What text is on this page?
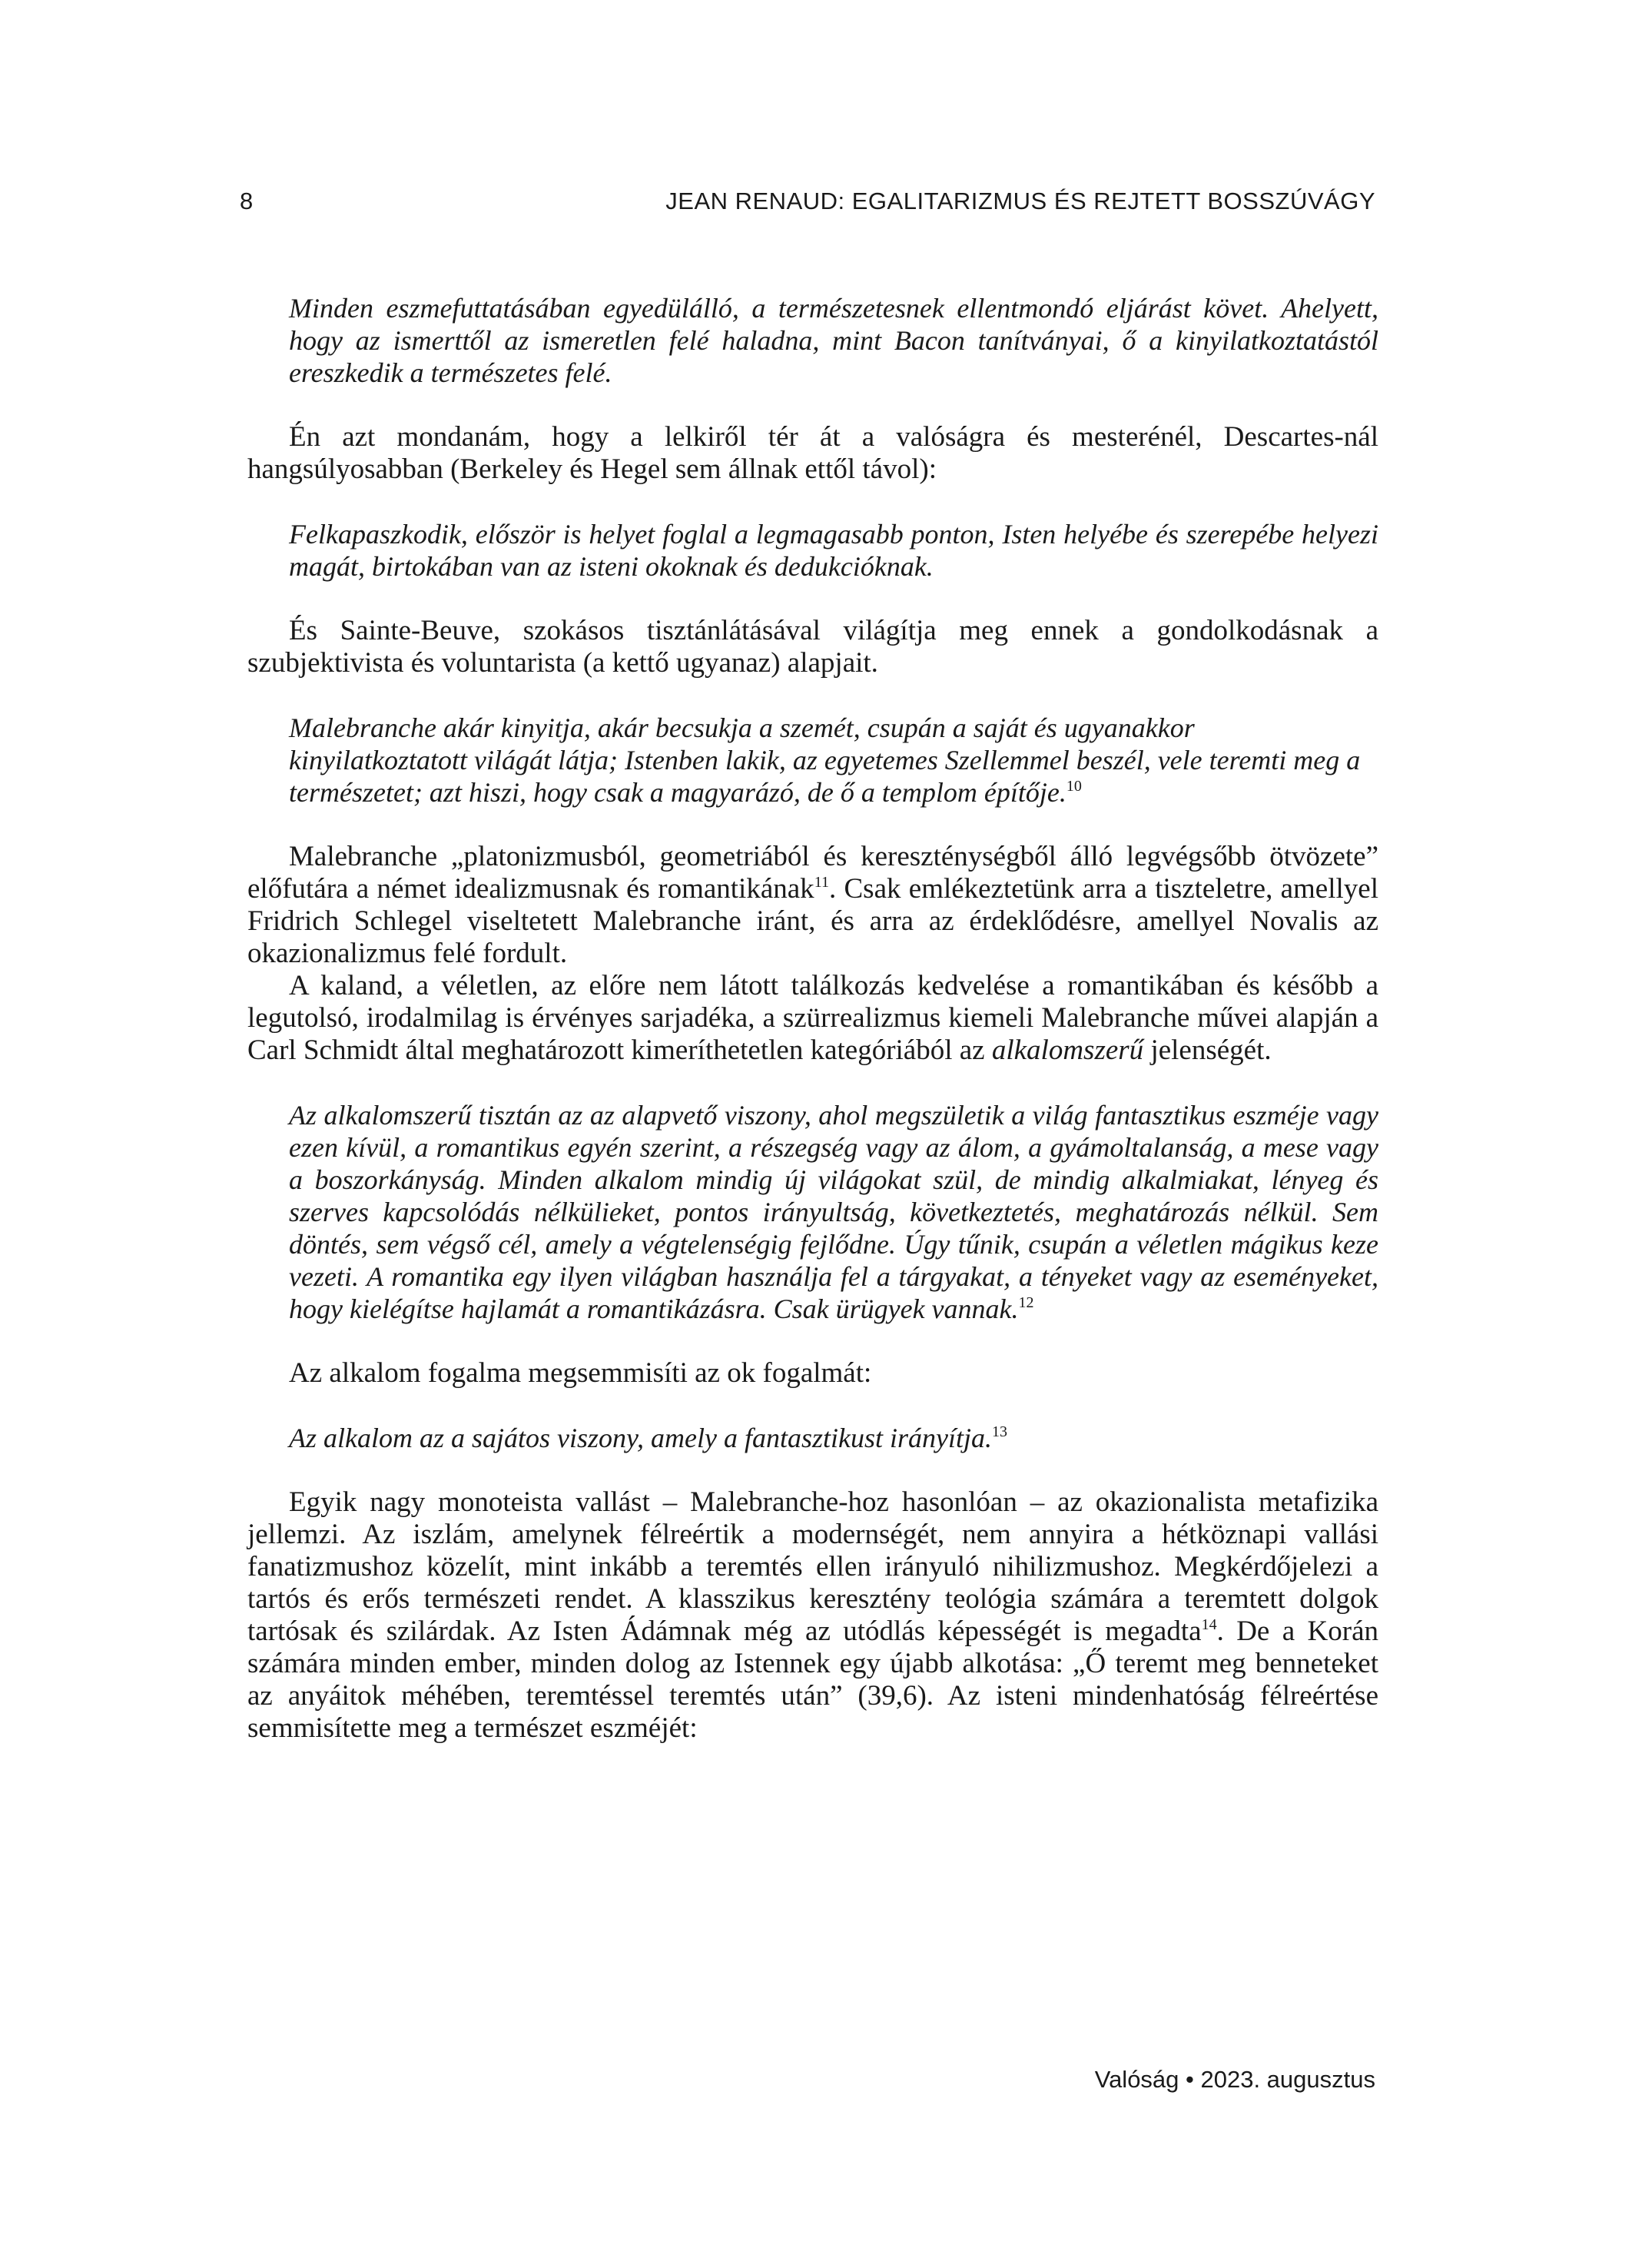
8	JEAN RENAUD: EGALITARIZMUS ÉS REJTETT BOSSZÚVÁGY

Minden eszmefuttatásában egyedülálló, a természetesnek ellentmondó eljárást követ. Ahelyett, hogy az ismerttől az ismeretlen felé haladna, mint Bacon tanítványai, ő a kinyilatkoztatástól ereszkedik a természetes felé.

Én azt mondanám, hogy a lelkiről tér át a valóságra és mesterénél, Descartes-nál hangsúlyosabban (Berkeley és Hegel sem állnak ettől távol):

Felkapaszkodik, először is helyet foglal a legmagasabb ponton, Isten helyébe és szerepébe helyezi magát, birtokában van az isteni okoknak és dedukcióknak.

És Sainte-Beuve, szokásos tisztánlátásával világítja meg ennek a gondolkodásnak a szubjektivista és voluntarista (a kettő ugyanaz) alapjait.

Malebranche akár kinyitja, akár becsukja a szemét, csupán a saját és ugyanakkor kinyilatkoztatott világát látja; Istenben lakik, az egyetemes Szellemmel beszél, vele teremti meg a természetet; azt hiszi, hogy csak a magyarázó, de ő a templom építője.$^{10}$

Malebranche „platonizmusból, geometriából és kereszténységből álló legvégsőbb ötvözete” előfutára a német idealizmusnak és romantikának$^{11}$. Csak emlékeztetünk arra a tiszteletre, amellyel Fridrich Schlegel viseltetett Malebranche iránt, és arra az érdeklődésre, amellyel Novalis az okazionalizmus felé fordult.

A kaland, a véletlen, az előre nem látott találkozás kedvelése a romantikában és később a legutolsó, irodalmilag is érvényes sarjadéka, a szürrealizmus kiemeli Malebranche művei alapján a Carl Schmidt által meghatározott kimeríthetetlen kategóriából az alkalomszerű jelenségét.

Az alkalomszerű tisztán az az alapvető viszony, ahol megszületik a világ fantasztikus eszméje vagy ezen kívül, a romantikus egyén szerint, a részegség vagy az álom, a gyámoltalanság, a mese vagy a boszorkányság. Minden alkalom mindig új világokat szül, de mindig alkalmiakat, lényeg és szerves kapcsolódás nélkülieket, pontos irányultság, következtetés, meghatározás nélkül. Sem döntés, sem végső cél, amely a végtelenségig fejlődne. Úgy tűnik, csupán a véletlen mágikus keze vezeti. A romantika egy ilyen világban használja fel a tárgyakat, a tényeket vagy az eseményeket, hogy kielégítse hajlamát a romantikázásra. Csak ürügyek vannak.$^{12}$

Az alkalom fogalma megsemmisíti az ok fogalmát:

Az alkalom az a sajátos viszony, amely a fantasztikust irányítja.$^{13}$

Egyik nagy monoteista vallást – Malebranche-hoz hasonlóan – az okazionalista metafizika jellemzi. Az iszlám, amelynek félreértik a modernségét, nem annyira a hétköznapi vallási fanatizmushoz közelít, mint inkább a teremtés ellen irányuló nihilizmushoz. Megkérdőjelezi a tartós és erős természeti rendet. A klasszikus keresztény teológia számára a teremtett dolgok tartósak és szilárdak. Az Isten Ádámnak még az utódlás képességét is megadta$^{14}$. De a Korán számára minden ember, minden dolog az Istennek egy újabb alkotása: „Ő teremt meg benneteket az anyáitok méhében, teremtéssel teremtés után” (39,6). Az isteni mindenhatóság félreértése semmisítette meg a természet eszméjét:

Valóság • 2023. augusztus
